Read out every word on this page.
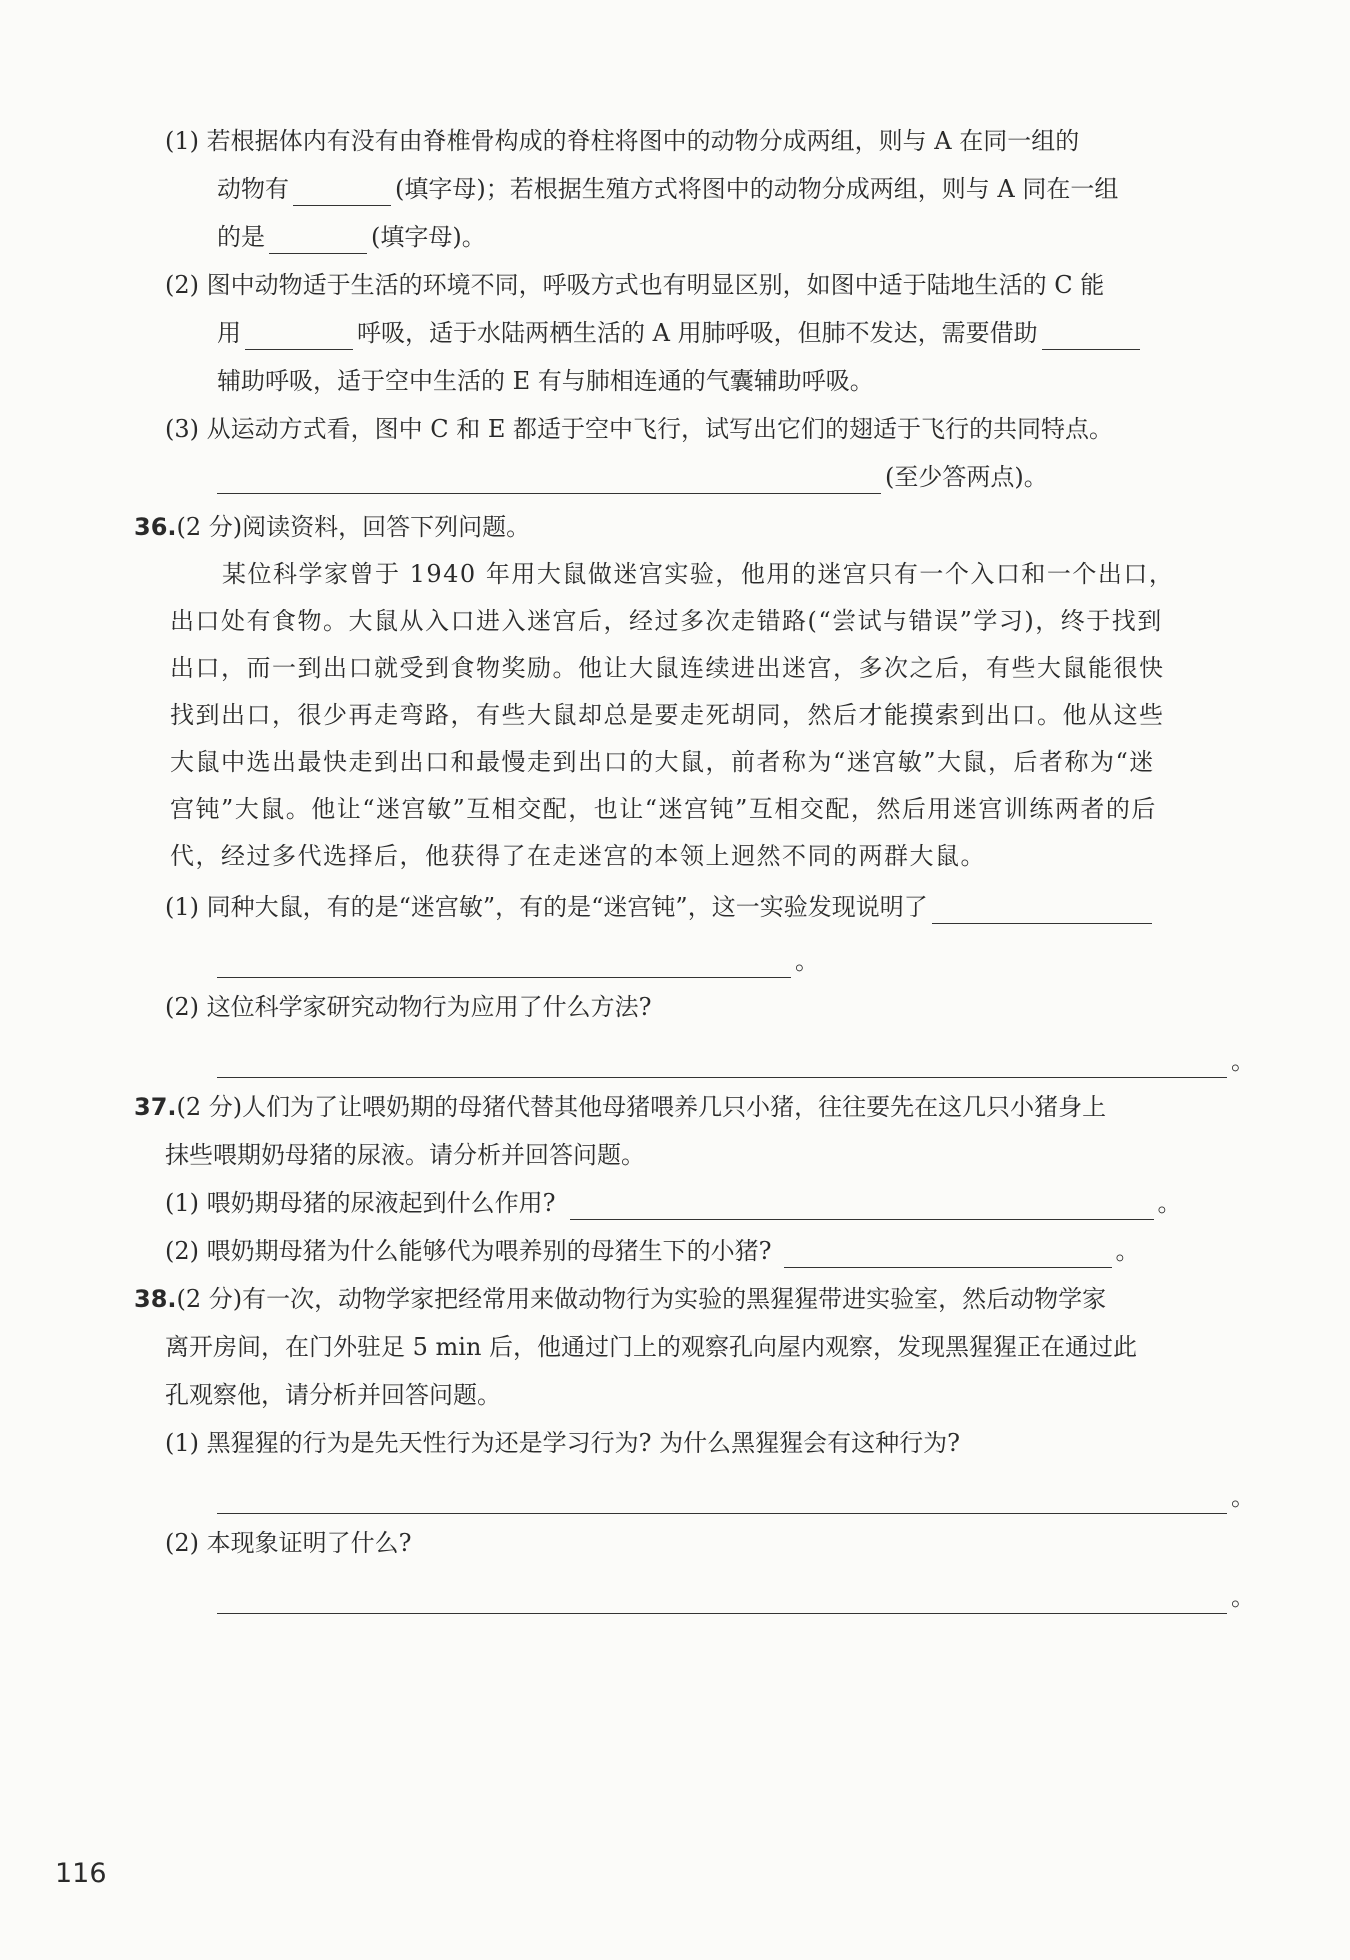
(1) 若根据体内有没有由脊椎骨构成的脊柱将图中的动物分成两组，则与 A 在同一组的
动物有	(填字母)；若根据生殖方式将图中的动物分成两组，则与 A 同在一组
的是	(填字母)。
(2) 图中动物适于生活的环境不同，呼吸方式也有明显区别，如图中适于陆地生活的 C 能
用	呼吸，适于水陆两栖生活的 A 用肺呼吸，但肺不发达，需要借助
辅助呼吸，适于空中生活的 E 有与肺相连通的气囊辅助呼吸。
(3) 从运动方式看，图中 C 和 E 都适于空中飞行，试写出它们的翅适于飞行的共同特点。
(至少答两点)。
36.(2 分)阅读资料，回答下列问题。
某位科学家曾于 1940 年用大鼠做迷宫实验，他用的迷宫只有一个入口和一个出口，
出口处有食物。大鼠从入口进入迷宫后，经过多次走错路(“尝试与错误”学习)，终于找到
出口，而一到出口就受到食物奖励。他让大鼠连续进出迷宫，多次之后，有些大鼠能很快
找到出口，很少再走弯路，有些大鼠却总是要走死胡同，然后才能摸索到出口。他从这些
大鼠中选出最快走到出口和最慢走到出口的大鼠，前者称为“迷宫敏”大鼠，后者称为“迷
宫钝”大鼠。他让“迷宫敏”互相交配，也让“迷宫钝”互相交配，然后用迷宫训练两者的后
代，经过多代选择后，他获得了在走迷宫的本领上迥然不同的两群大鼠。
(1) 同种大鼠，有的是“迷宫敏”，有的是“迷宫钝”，这一实验发现说明了
。
(2) 这位科学家研究动物行为应用了什么方法?
。
37.(2 分)人们为了让喂奶期的母猪代替其他母猪喂养几只小猪，往往要先在这几只小猪身上
抹些喂期奶母猪的尿液。请分析并回答问题。
(1) 喂奶期母猪的尿液起到什么作用?	。
(2) 喂奶期母猪为什么能够代为喂养别的母猪生下的小猪?	。
38.(2 分)有一次，动物学家把经常用来做动物行为实验的黑猩猩带进实验室，然后动物学家
离开房间，在门外驻足 5 min 后，他通过门上的观察孔向屋内观察，发现黑猩猩正在通过此
孔观察他，请分析并回答问题。
(1) 黑猩猩的行为是先天性行为还是学习行为? 为什么黑猩猩会有这种行为?
。
(2) 本现象证明了什么?
。
116
